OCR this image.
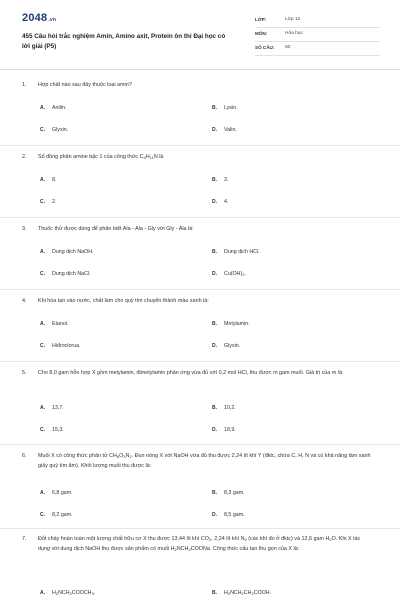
2048.vn
455 Câu hỏi trắc nghiệm Amin, Amino axit, Protein ôn thi Đại học có lời giải (P5)
LỚP:	Lớp 12
MÔN:	Hóa học
SỐ CÂU: 50
1.	Hợp chất nào sau đây thuộc loại amin?
A. Anilin.	B. Lysin.
C. Glyxin.	D. Valin.
2.	Số đồng phân amine bậc 1 của công thức $C_4H_{11}N$ là
A. 8.	B. 3.
C. 2.	D. 4.
3.	Thuốc thử được dùng để phân biệt Ala - Ala - Gly với Gly - Ala là:
A. Dung dịch NaOH.	B. Dung dịch HCl.
C. Dung dịch NaCl.	D. $Cu(OH)_2$.
4.	Khi hòa tan vào nước, chất làm cho quỳ tím chuyển thành màu xanh là:
A. Etanol.	B. Metylamin.
C. Hiđroclorua.	D. Glyxin.
5.	Cho 8,0 gam hỗn hợp X gồm metylamin, đimetylamin phản ứng vừa đủ với 0,2 mol HCl, thu được m gam muối. Giá trị của m là:
A. 13,7.	B. 10,2.
C. 15,3.	D. 18,9.
6.	Muối X có công thức phân tử $CH_6O_3N_2$. Đun nóng X với NaOH vừa đủ thu được 2,24 lít khí Y (đktc, chứa C, H, N và có khả năng làm xanh giấy quỳ tím ẩm). Khối lượng muối thu được là:
A. 6,8 gam.	B. 8,3 gam.
C. 8,2 gam.	D. 8,5 gam.
7.	Đốt cháy hoàn toàn một lượng chất hữu cơ X thu được 13,44 lít khí $CO_2$, 2,24 lít khí $N_2$ (các khí đo ở đktc) và 12,6 gam $H_2O$. Khi X tác dụng với dung dịch NaOH thu được sản phẩm có muối $H_2NCH_2COONa$. Công thức cấu tạo thu gọn của X là:
A. $H_2NCH_2COOCH_3$.	B. $H_2NCH_2CH_2COOH$.
